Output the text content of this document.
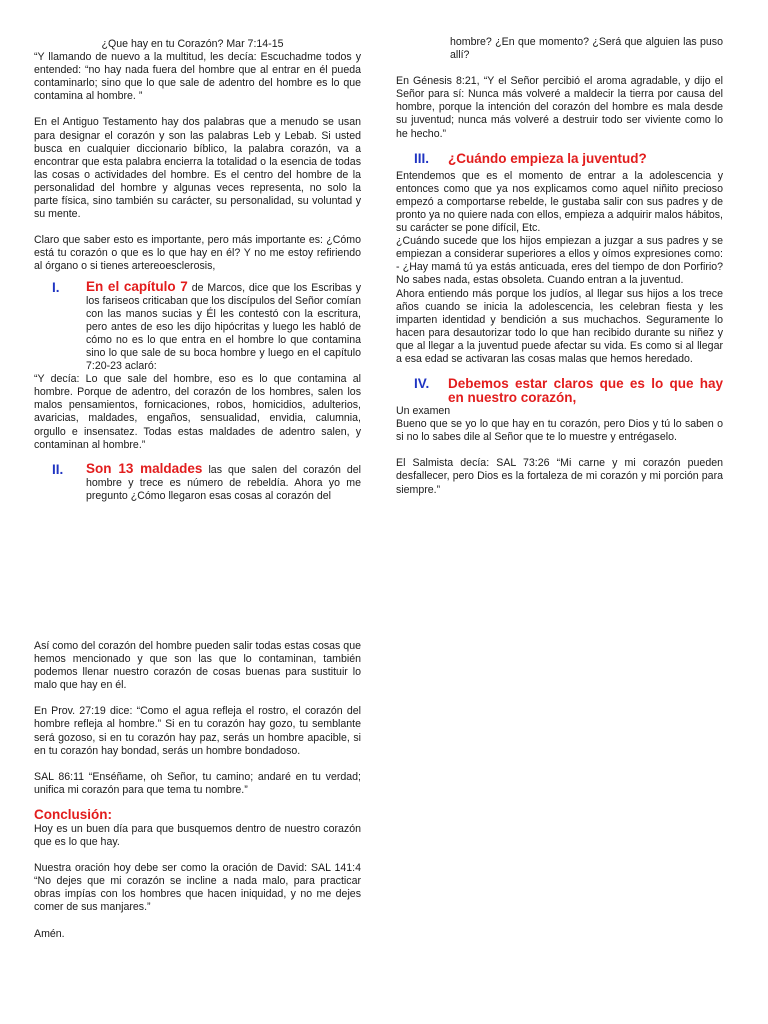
¿Que hay en tu Corazón? Mar 7:14-15

“Y llamando de nuevo a la multitud, les decía: Escuchadme todos y entended: “no hay nada fuera del hombre que al entrar en él pueda contaminarlo; sino que lo que sale de adentro del hombre es lo que contamina al hombre. ”

En el Antiguo Testamento hay dos palabras que a menudo se usan para designar el corazón y son las palabras Leb y Lebab. Si usted busca en cualquier diccionario bíblico, la palabra corazón, va a encontrar que esta palabra encierra la totalidad o la esencia de todas las cosas o actividades del hombre. Es el centro del hombre de la personalidad del hombre y algunas veces representa, no solo la parte física, sino también su carácter, su personalidad, su voluntad y su mente.

Claro que saber esto es importante, pero más importante es: ¿Cómo está tu corazón o que es lo que hay en él? Y no me estoy refiriendo al órgano o si tienes artereoesclerosis,

I.	En el capítulo 7 de Marcos, dice que los Escribas y los fariseos criticaban que los discípulos del Señor comían con las manos sucias y Él les contestó con la escritura, pero antes de eso les dijo hipócritas y luego les habló de cómo no es lo que entra en el hombre lo que contamina sino lo que sale de su boca hombre y luego en el capítulo 7:20-23 aclaró:

“Y decía: Lo que sale del hombre, eso es lo que contamina al hombre. Porque de adentro, del corazón de los hombres, salen los malos pensamientos, fornicaciones, robos, homicidios, adulterios, avaricias, maldades, engaños, sensualidad, envidia, calumnia, orgullo e insensatez. Todas estas maldades de adentro salen, y contaminan al hombre.”

II.	Son 13 maldades las que salen del corazón del hombre y trece es número de rebeldía. Ahora yo me pregunto ¿Cómo llegaron esas cosas al corazón del

hombre? ¿En que momento? ¿Será que alguien las puso allí?

En Génesis 8:21, “Y el Señor percibió el aroma agradable, y dijo el Señor para sí: Nunca más volveré a maldecir la tierra por causa del hombre, porque la intención del corazón del hombre es mala desde su juventud; nunca más volveré a destruir todo ser viviente como lo he hecho.”

III.	¿Cuándo empieza la juventud?

Entendemos que es el momento de entrar a la adolescencia y entonces como que ya nos explicamos como aquel niñito precioso empezó a comportarse rebelde, le gustaba salir con sus padres y de pronto ya no quiere nada con ellos, empieza a adquirir malos hábitos, su carácter se pone difícil, Etc.

¿Cuándo sucede que los hijos empiezan a juzgar a sus padres y se empiezan a considerar superiores a ellos y oímos expresiones como: - ¿Hay mamá tú ya estás anticuada, eres del tiempo de don Porfirio? No sabes nada, estas obsoleta. Cuando entran a la juventud.

Ahora entiendo más porque los judíos, al llegar sus hijos a los trece años cuando se inicia la adolescencia, les celebran fiesta y les imparten identidad y bendición a sus muchachos. Seguramente lo hacen para desautorizar todo lo que han recibido durante su niñez y que al llegar a la juventud puede afectar su vida. Es como si al llegar a esa edad se activaran las cosas malas que hemos heredado.

IV.	Debemos estar claros que es lo que hay en nuestro corazón,

Un examen

Bueno que se yo lo que hay en tu corazón, pero Dios y tú lo saben o si no lo sabes dile al Señor que te lo muestre y entrégaselo.

El Salmista decía: SAL 73:26 “Mi carne y mi corazón pueden desfallecer, pero Dios es la fortaleza de mi corazón y mi porción para siempre.”

Así como del corazón del hombre pueden salir todas estas cosas que hemos mencionado y que son las que lo contaminan, también podemos llenar nuestro corazón de cosas buenas para sustituir lo malo que hay en él.

En Prov. 27:19 dice: “Como el agua refleja el rostro, el corazón del hombre refleja al hombre.” Si en tu corazón hay gozo, tu semblante será gozoso, si en tu corazón hay paz, serás un hombre apacible, si en tu corazón hay bondad, serás un hombre bondadoso.

SAL 86:11 “Enséñame, oh Señor, tu camino; andaré en tu verdad; unifica mi corazón para que tema tu nombre.”

Conclusión:

Hoy es un buen día para que busquemos dentro de nuestro corazón que es lo que hay.

Nuestra oración hoy debe ser como la oración de David: SAL 141:4 “No dejes que mi corazón se incline a nada malo, para practicar obras impías con los hombres que hacen iniquidad, y no me dejes comer de sus manjares.”

Amén.
